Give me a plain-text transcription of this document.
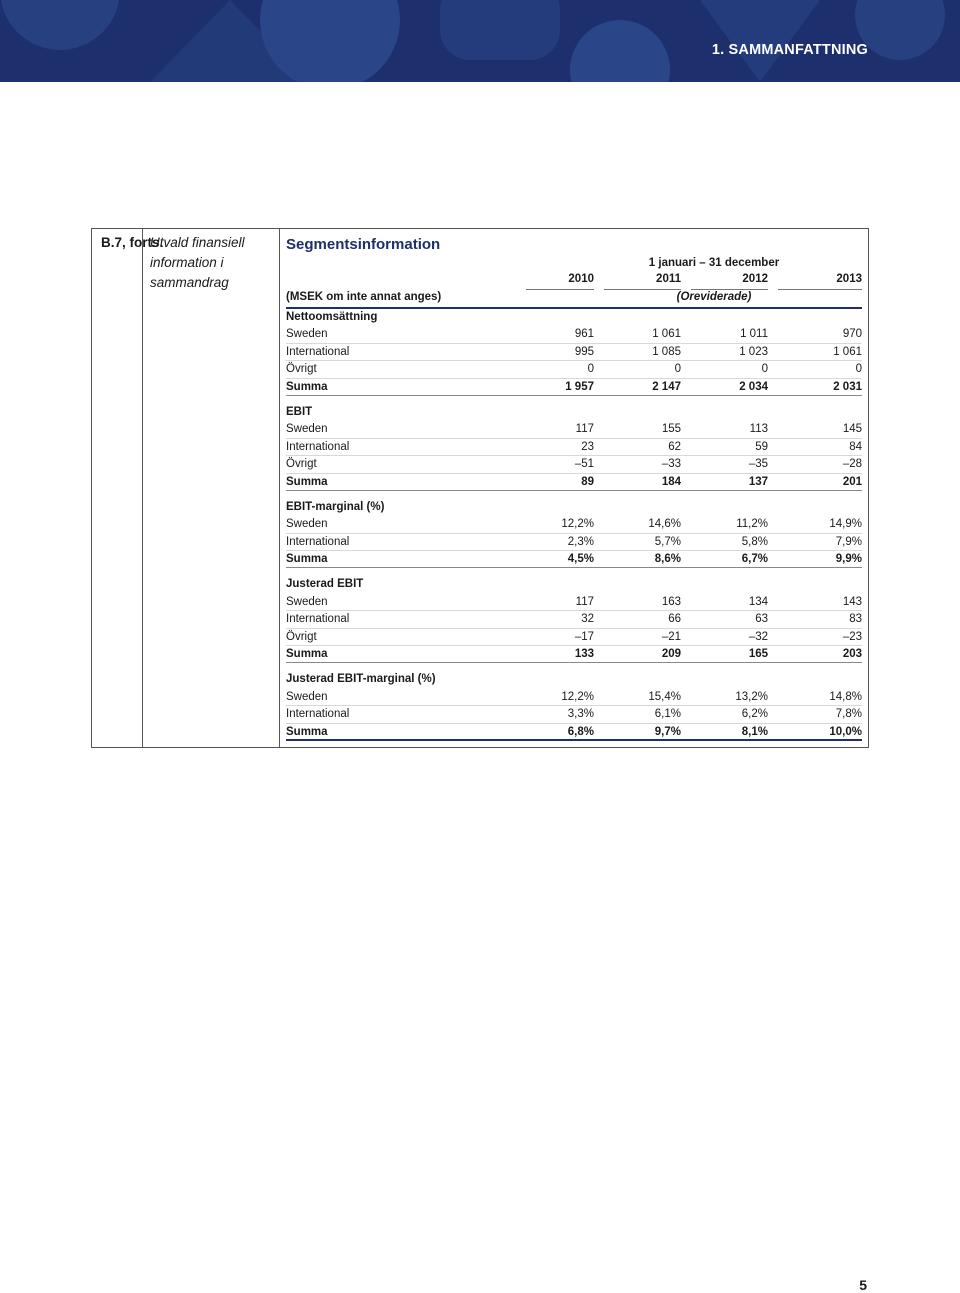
1. SAMMANFATTNING
B.7, forts.
Utvald finansiell information i sammandrag
Segmentsinformation
1 januari – 31 december
2010	2011	2012	2013
(MSEK om inte annat anges)	(Oreviderade)
Nettoomsättning
Sweden	961	1 061	1 011	970
International	995	1 085	1 023	1 061
Övrigt	0	0	0	0
Summa	1 957	2 147	2 034	2 031
EBIT
Sweden	117	155	113	145
International	23	62	59	84
Övrigt	–51	–33	–35	–28
Summa	89	184	137	201
EBIT-marginal (%)
Sweden	12,2%	14,6%	11,2%	14,9%
International	2,3%	5,7%	5,8%	7,9%
Summa	4,5%	8,6%	6,7%	9,9%
Justerad EBIT
Sweden	117	163	134	143
International	32	66	63	83
Övrigt	–17	–21	–32	–23
Summa	133	209	165	203
Justerad EBIT-marginal (%)
Sweden	12,2%	15,4%	13,2%	14,8%
International	3,3%	6,1%	6,2%	7,8%
Summa	6,8%	9,7%	8,1%	10,0%
5
